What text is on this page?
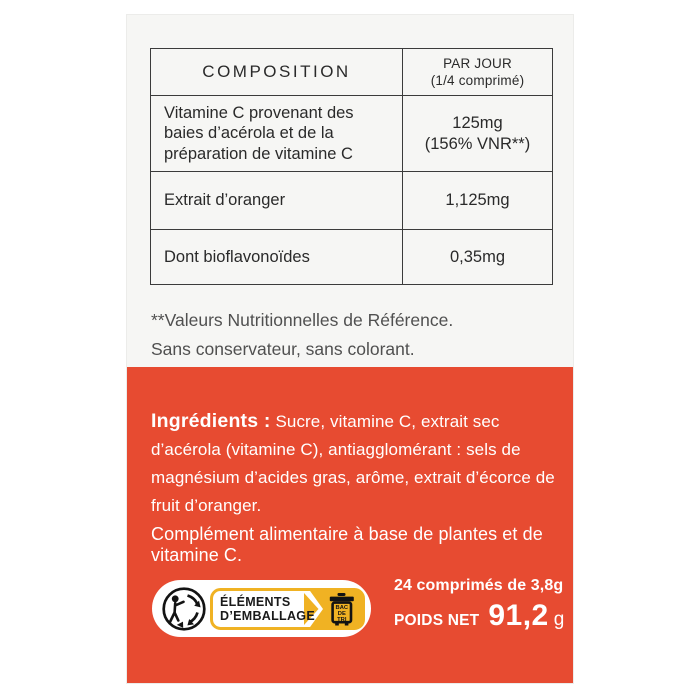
COMPOSITION	PAR JOUR
(1/4 comprimé)

Vitamine C provenant des baies d’acérola et de la préparation de vitamine C	125mg
(156% VNR**)

Extrait d’oranger	1,125mg
Dont bioflavonoïdes	0,35mg
**Valeurs Nutritionnelles de Référence.
Sans conservateur, sans colorant.

Ingrédients : Sucre, vitamine C, extrait sec d’acérola (vitamine C), antiagglomérant : sels de magnésium d’acides gras, arôme, extrait d’écorce de fruit d’oranger.

Complément alimentaire à base de plantes et de vitamine C.
ÉLÉMENTS
D’EMBALLAGE
BAC
DE
TRI
24 comprimés de 3,8g
POIDS NET 91,2 g
